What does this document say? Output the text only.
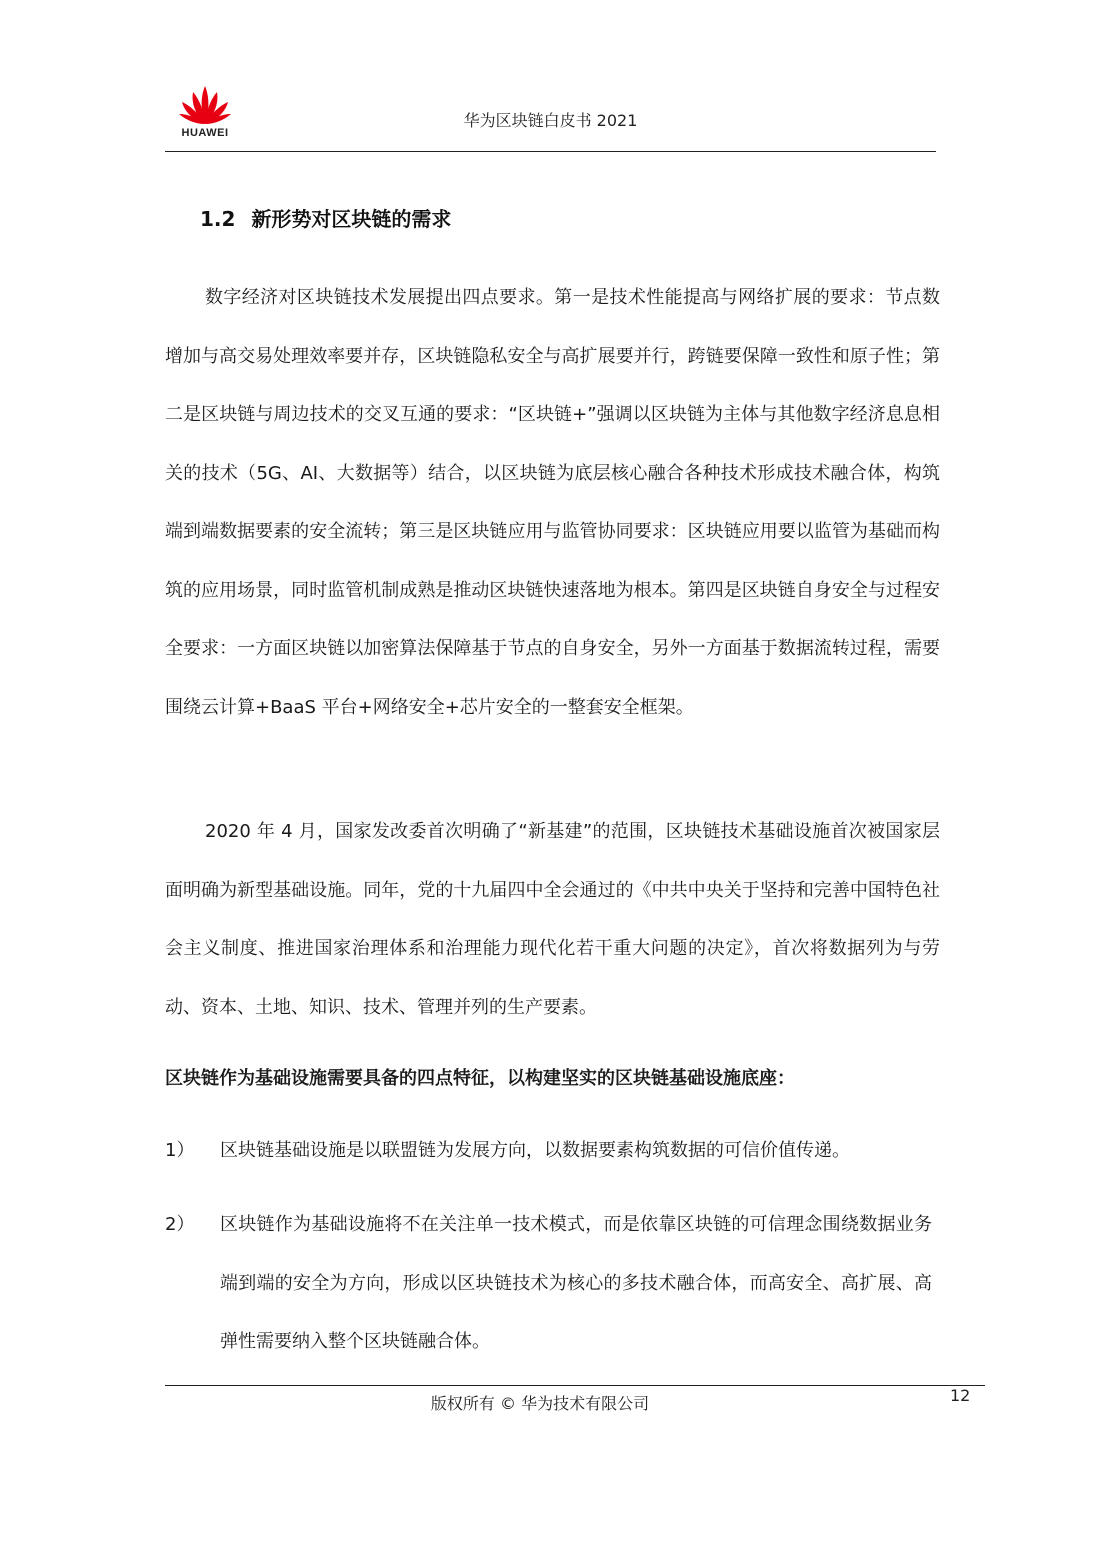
HUAWEI
华为区块链白皮书 2021
1.2 新形势对区块链的需求

数字经济对区块链技术发展提出四点要求。第一是技术性能提高与网络扩展的要求：节点数增加与高交易处理效率要并存，区块链隐私安全与高扩展要并行，跨链要保障一致性和原子性；第二是区块链与周边技术的交叉互通的要求：“区块链+”强调以区块链为主体与其他数字经济息息相关的技术（5G、AI、大数据等）结合，以区块链为底层核心融合各种技术形成技术融合体，构筑端到端数据要素的安全流转；第三是区块链应用与监管协同要求：区块链应用要以监管为基础而构筑的应用场景，同时监管机制成熟是推动区块链快速落地为根本。第四是区块链自身安全与过程安全要求：一方面区块链以加密算法保障基于节点的自身安全，另外一方面基于数据流转过程，需要围绕云计算+BaaS 平台+网络安全+芯片安全的一整套安全框架。

2020 年 4 月，国家发改委首次明确了“新基建”的范围，区块链技术基础设施首次被国家层面明确为新型基础设施。同年，党的十九届四中全会通过的《中共中央关于坚持和完善中国特色社会主义制度、推进国家治理体系和治理能力现代化若干重大问题的决定》，首次将数据列为与劳动、资本、土地、知识、技术、管理并列的生产要素。

区块链作为基础设施需要具备的四点特征，以构建坚实的区块链基础设施底座：
1） 区块链基础设施是以联盟链为发展方向，以数据要素构筑数据的可信价值传递。
2） 区块链作为基础设施将不在关注单一技术模式，而是依靠区块链的可信理念围绕数据业务端到端的安全为方向，形成以区块链技术为核心的多技术融合体，而高安全、高扩展、高弹性需要纳入整个区块链融合体。
版权所有 © 华为技术有限公司	12
